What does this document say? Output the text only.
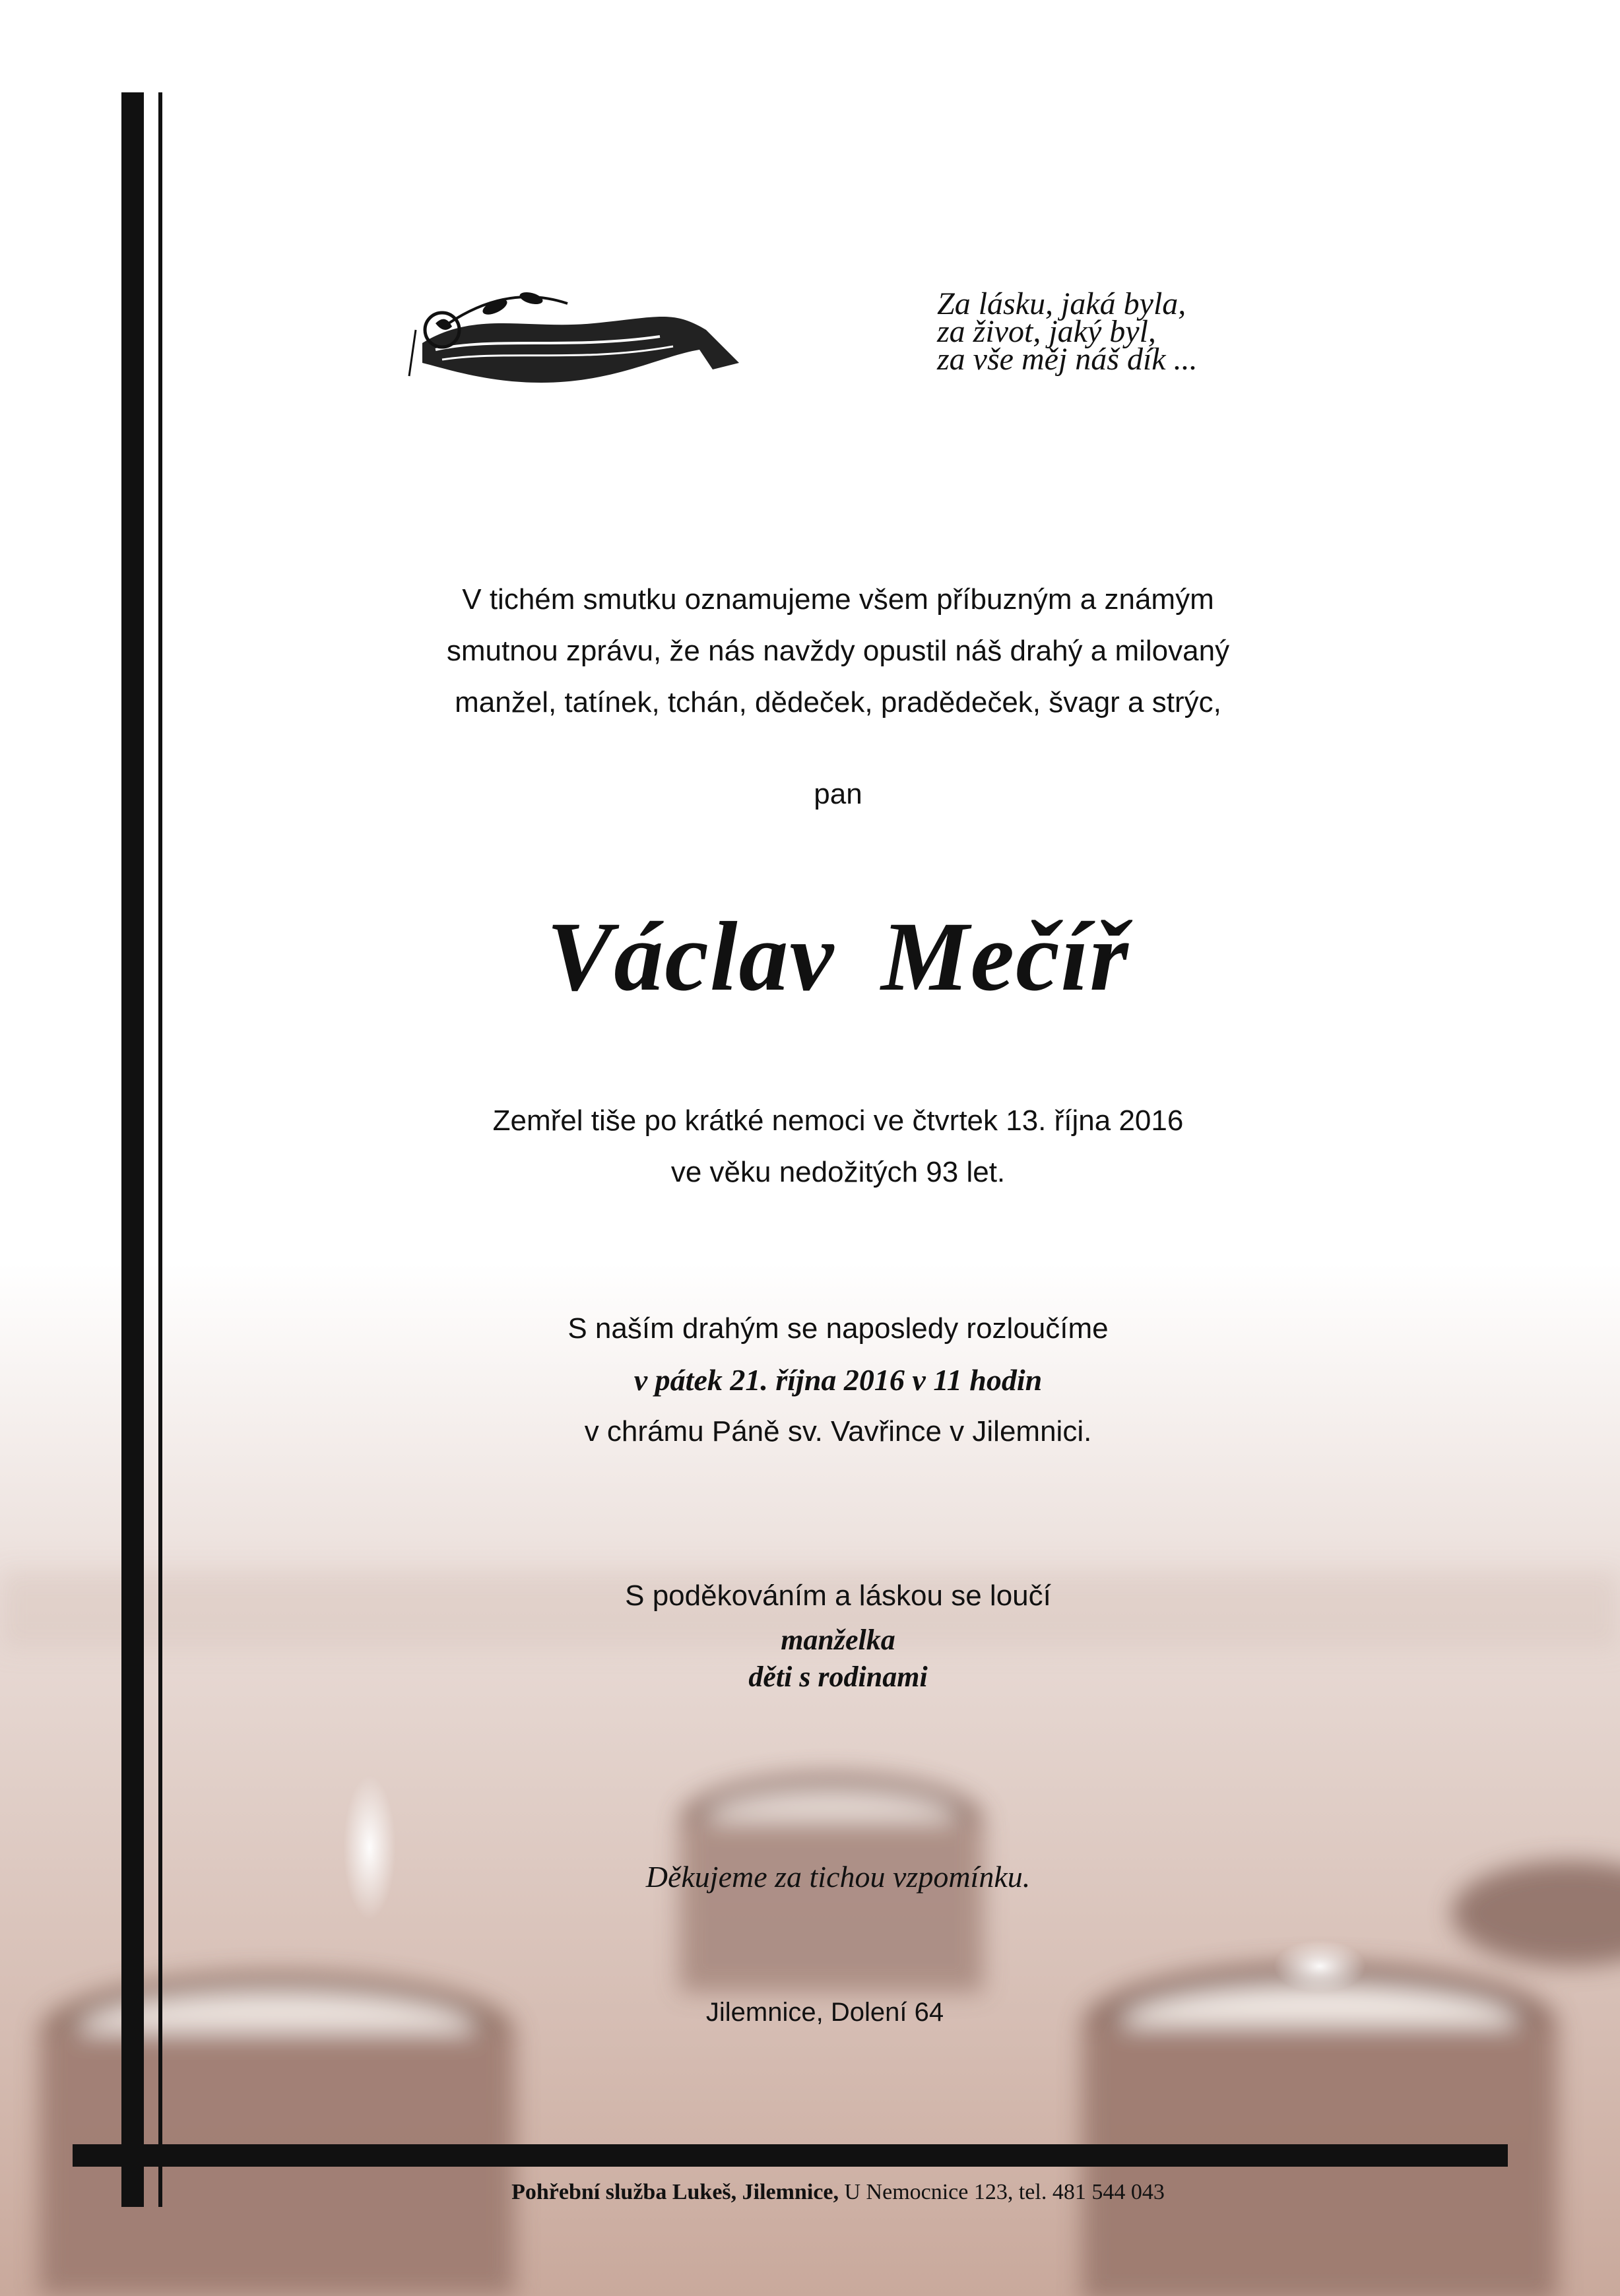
Za lásku, jaká byla,
za život, jaký byl,
za vše měj náš dík ...
V tichém smutku oznamujeme všem příbuzným a známým
smutnou zprávu, že nás navždy opustil náš drahý a milovaný
manžel, tatínek, tchán, dědeček, pradědeček, švagr a strýc,
pan
Václav Mečíř
Zemřel tiše po krátké nemoci ve čtvrtek 13. října 2016
ve věku nedožitých 93 let.
S naším drahým se naposledy rozloučíme
v pátek 21. října 2016 v 11 hodin
v chrámu Páně sv. Vavřince v Jilemnici.
S poděkováním a láskou se loučí
manželka
děti s rodinami
Děkujeme za tichou vzpomínku.
Jilemnice, Dolení 64
Pohřební služba Lukeš, Jilemnice, U Nemocnice 123, tel. 481 544 043
